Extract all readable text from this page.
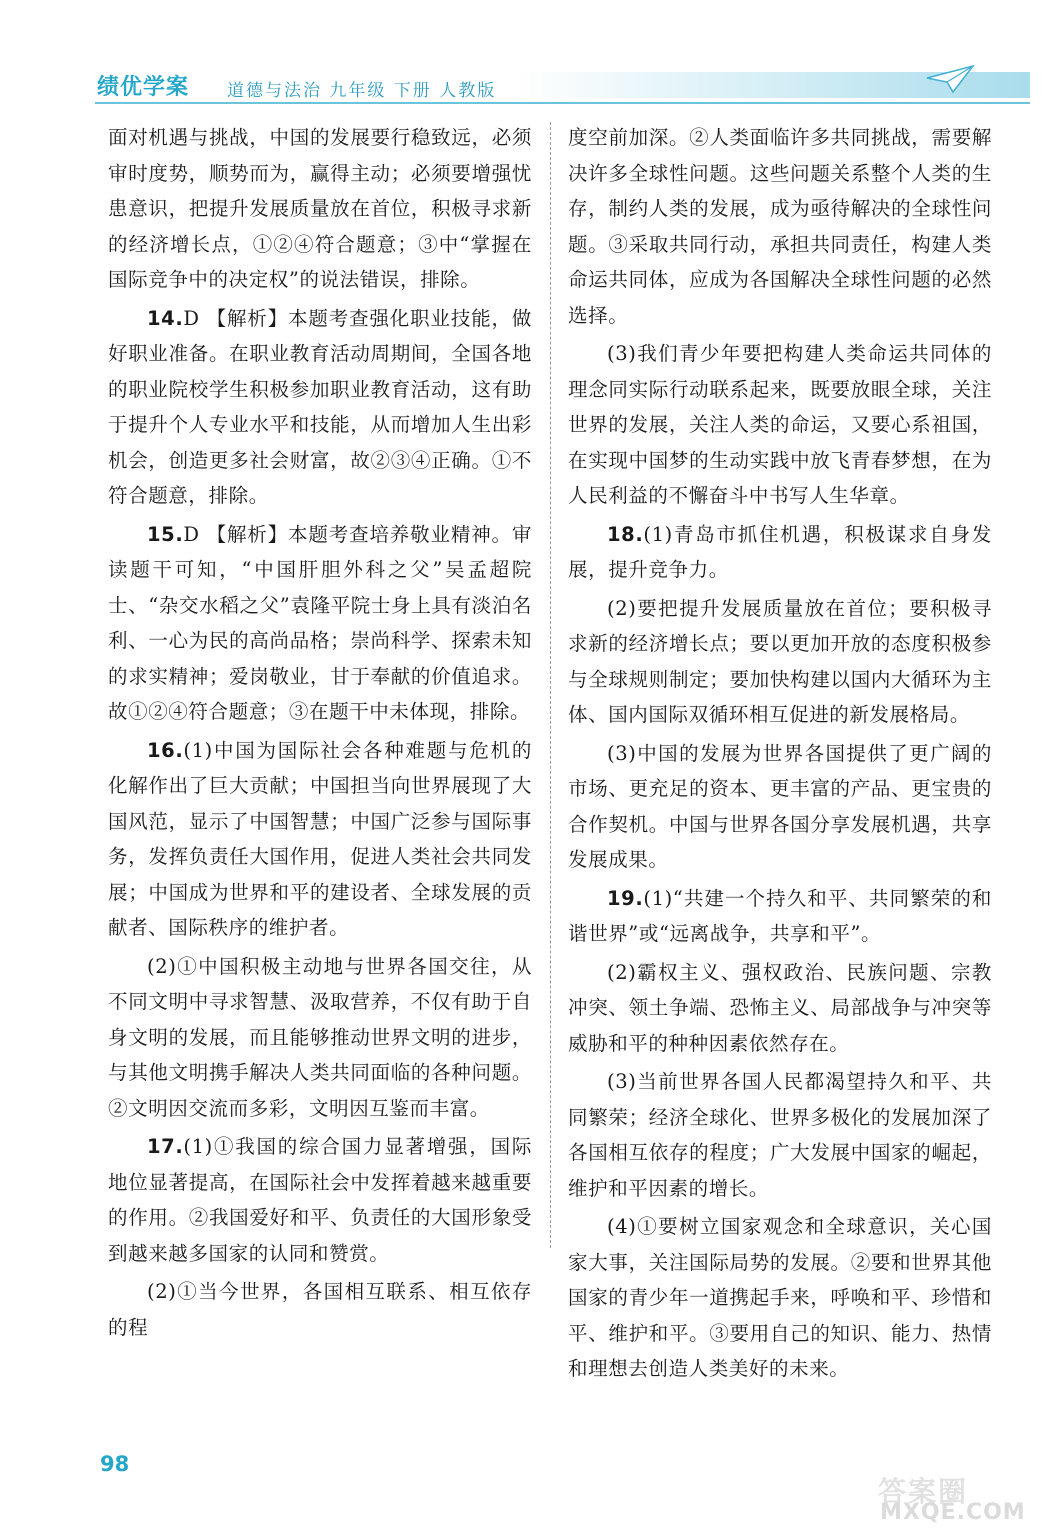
绩优学案 道德与法治 九年级 下册 人教版

面对机遇与挑战，中国的发展要行稳致远，必须审时度势，顺势而为，赢得主动；必须要增强忧患意识，把提升发展质量放在首位，积极寻求新的经济增长点，①②④符合题意；③中“掌握在国际竞争中的决定权”的说法错误，排除。

14.D 【解析】本题考查强化职业技能，做好职业准备。在职业教育活动周期间，全国各地的职业院校学生积极参加职业教育活动，这有助于提升个人专业水平和技能，从而增加人生出彩机会，创造更多社会财富，故②③④正确。①不符合题意，排除。

15.D 【解析】本题考查培养敬业精神。审读题干可知，“中国肝胆外科之父”吴孟超院士、“杂交水稻之父”袁隆平院士身上具有淡泊名利、一心为民的高尚品格；崇尚科学、探索未知的求实精神；爱岗敬业，甘于奉献的价值追求。故①②④符合题意；③在题干中未体现，排除。

16.(1)中国为国际社会各种难题与危机的化解作出了巨大贡献；中国担当向世界展现了大国风范，显示了中国智慧；中国广泛参与国际事务，发挥负责任大国作用，促进人类社会共同发展；中国成为世界和平的建设者、全球发展的贡献者、国际秩序的维护者。

(2)①中国积极主动地与世界各国交往，从不同文明中寻求智慧、汲取营养，不仅有助于自身文明的发展，而且能够推动世界文明的进步，与其他文明携手解决人类共同面临的各种问题。②文明因交流而多彩，文明因互鉴而丰富。

17.(1)①我国的综合国力显著增强，国际地位显著提高，在国际社会中发挥着越来越重要的作用。②我国爱好和平、负责任的大国形象受到越来越多国家的认同和赞赏。

(2)①当今世界，各国相互联系、相互依存的程

度空前加深。②人类面临许多共同挑战，需要解决许多全球性问题。这些问题关系整个人类的生存，制约人类的发展，成为亟待解决的全球性问题。③采取共同行动，承担共同责任，构建人类命运共同体，应成为各国解决全球性问题的必然选择。

(3)我们青少年要把构建人类命运共同体的理念同实际行动联系起来，既要放眼全球，关注世界的发展，关注人类的命运，又要心系祖国，在实现中国梦的生动实践中放飞青春梦想，在为人民利益的不懈奋斗中书写人生华章。

18.(1)青岛市抓住机遇，积极谋求自身发展，提升竞争力。

(2)要把提升发展质量放在首位；要积极寻求新的经济增长点；要以更加开放的态度积极参与全球规则制定；要加快构建以国内大循环为主体、国内国际双循环相互促进的新发展格局。

(3)中国的发展为世界各国提供了更广阔的市场、更充足的资本、更丰富的产品、更宝贵的合作契机。中国与世界各国分享发展机遇，共享发展成果。

19.(1)“共建一个持久和平、共同繁荣的和谐世界”或“远离战争，共享和平”。

(2)霸权主义、强权政治、民族问题、宗教冲突、领土争端、恐怖主义、局部战争与冲突等威胁和平的种种因素依然存在。

(3)当前世界各国人民都渴望持久和平、共同繁荣；经济全球化、世界多极化的发展加深了各国相互依存的程度；广大发展中国家的崛起，维护和平因素的增长。

(4)①要树立国家观念和全球意识，关心国家大事，关注国际局势的发展。②要和世界其他国家的青少年一道携起手来，呼唤和平、珍惜和平、维护和平。③要用自己的知识、能力、热情和理想去创造人类美好的未来。

98
答案圈
MXQE.COM
